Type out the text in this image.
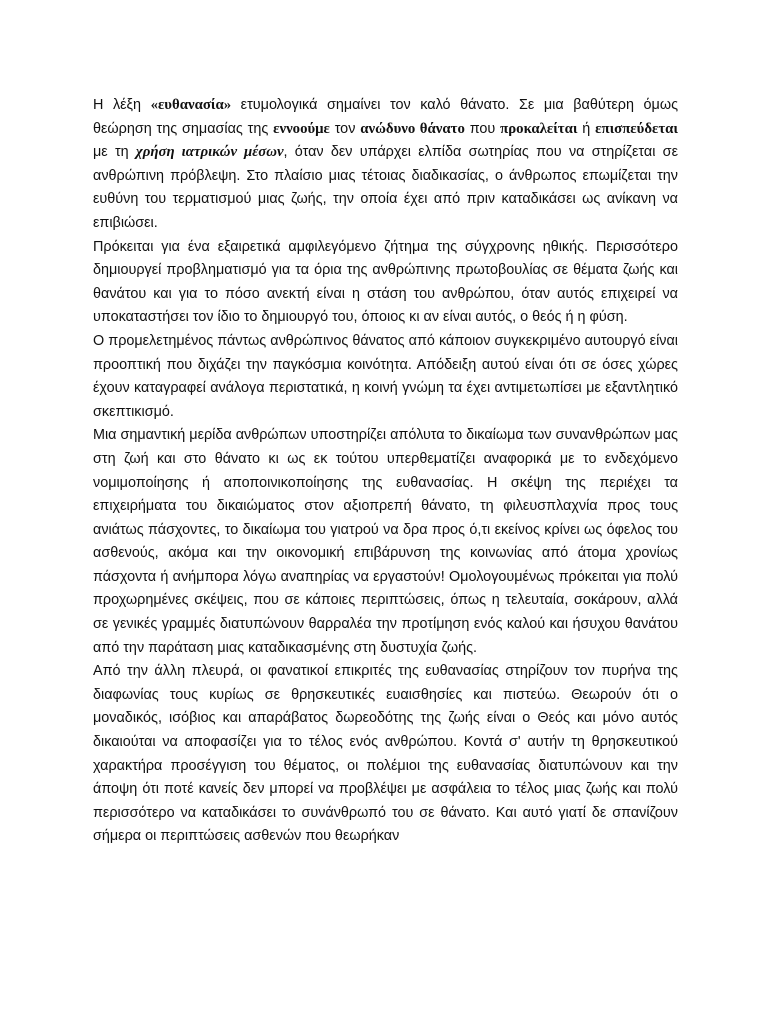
Η λέξη «ευθανασία» ετυμολογικά σημαίνει τον καλό θάνατο. Σε μια βαθύτερη όμως θεώρηση της σημασίας της εννοούμε τον ανώδυνο θάνατο που προκαλείται ή επισπεύδεται με τη χρήση ιατρικών μέσων, όταν δεν υπάρχει ελπίδα σωτηρίας που να στηρίζεται σε ανθρώπινη πρόβλεψη. Στο πλαίσιο μιας τέτοιας διαδικασίας, ο άνθρωπος επωμίζεται την ευθύνη του τερματισμού μιας ζωής, την οποία έχει από πριν καταδικάσει ως ανίκανη να επιβιώσει.

Πρόκειται για ένα εξαιρετικά αμφιλεγόμενο ζήτημα της σύγχρονης ηθικής. Περισσότερο δημιουργεί προβληματισμό για τα όρια της ανθρώπινης πρωτοβουλίας σε θέματα ζωής και θανάτου και για το πόσο ανεκτή είναι η στάση του ανθρώπου, όταν αυτός επιχειρεί να υποκαταστήσει τον ίδιο το δημιουργό του, όποιος κι αν είναι αυτός, ο θεός ή η φύση.

Ο προμελετημένος πάντως ανθρώπινος θάνατος από κάποιον συγκεκριμένο αυτουργό είναι προοπτική που διχάζει την παγκόσμια κοινότητα. Απόδειξη αυτού είναι ότι σε όσες χώρες έχουν καταγραφεί ανάλογα περιστατικά, η κοινή γνώμη τα έχει αντιμετωπίσει με εξαντλητικό σκεπτικισμό.

Μια σημαντική μερίδα ανθρώπων υποστηρίζει απόλυτα το δικαίωμα των συνανθρώπων μας στη ζωή και στο θάνατο κι ως εκ τούτου υπερθεματίζει αναφορικά με το ενδεχόμενο νομιμοποίησης ή αποποινικοποίησης της ευθανασίας. Η σκέψη της περιέχει τα επιχειρήματα του δικαιώματος στον αξιοπρεπή θάνατο, τη φιλευσπλαχνία προς τους ανιάτως πάσχοντες, το δικαίωμα του γιατρού να δρα προς ό,τι εκείνος κρίνει ως όφελος του ασθενούς, ακόμα και την οικονομική επιβάρυνση της κοινωνίας από άτομα χρονίως πάσχοντα ή ανήμπορα λόγω αναπηρίας να εργαστούν! Ομολογουμένως πρόκειται για πολύ προχωρημένες σκέψεις, που σε κάποιες περιπτώσεις, όπως η τελευταία, σοκάρουν, αλλά σε γενικές γραμμές διατυπώνουν θαρραλέα την προτίμηση ενός καλού και ήσυχου θανάτου από την παράταση μιας καταδικασμένης στη δυστυχία ζωής.

Από την άλλη πλευρά, οι φανατικοί επικριτές της ευθανασίας στηρίζουν τον πυρήνα της διαφωνίας τους κυρίως σε θρησκευτικές ευαισθησίες και πιστεύω. Θεωρούν ότι ο μοναδικός, ισόβιος και απαράβατος δωρεοδότης της ζωής είναι ο Θεός και μόνο αυτός δικαιούται να αποφασίζει για το τέλος ενός ανθρώπου. Κοντά σ' αυτήν τη θρησκευτικού χαρακτήρα προσέγγιση του θέματος, οι πολέμιοι της ευθανασίας διατυπώνουν και την άποψη ότι ποτέ κανείς δεν μπορεί να προβλέψει με ασφάλεια το τέλος μιας ζωής και πολύ περισσότερο να καταδικάσει το συνάνθρωπό του σε θάνατο. Και αυτό γιατί δε σπανίζουν σήμερα οι περιπτώσεις ασθενών που θεωρήκαν
